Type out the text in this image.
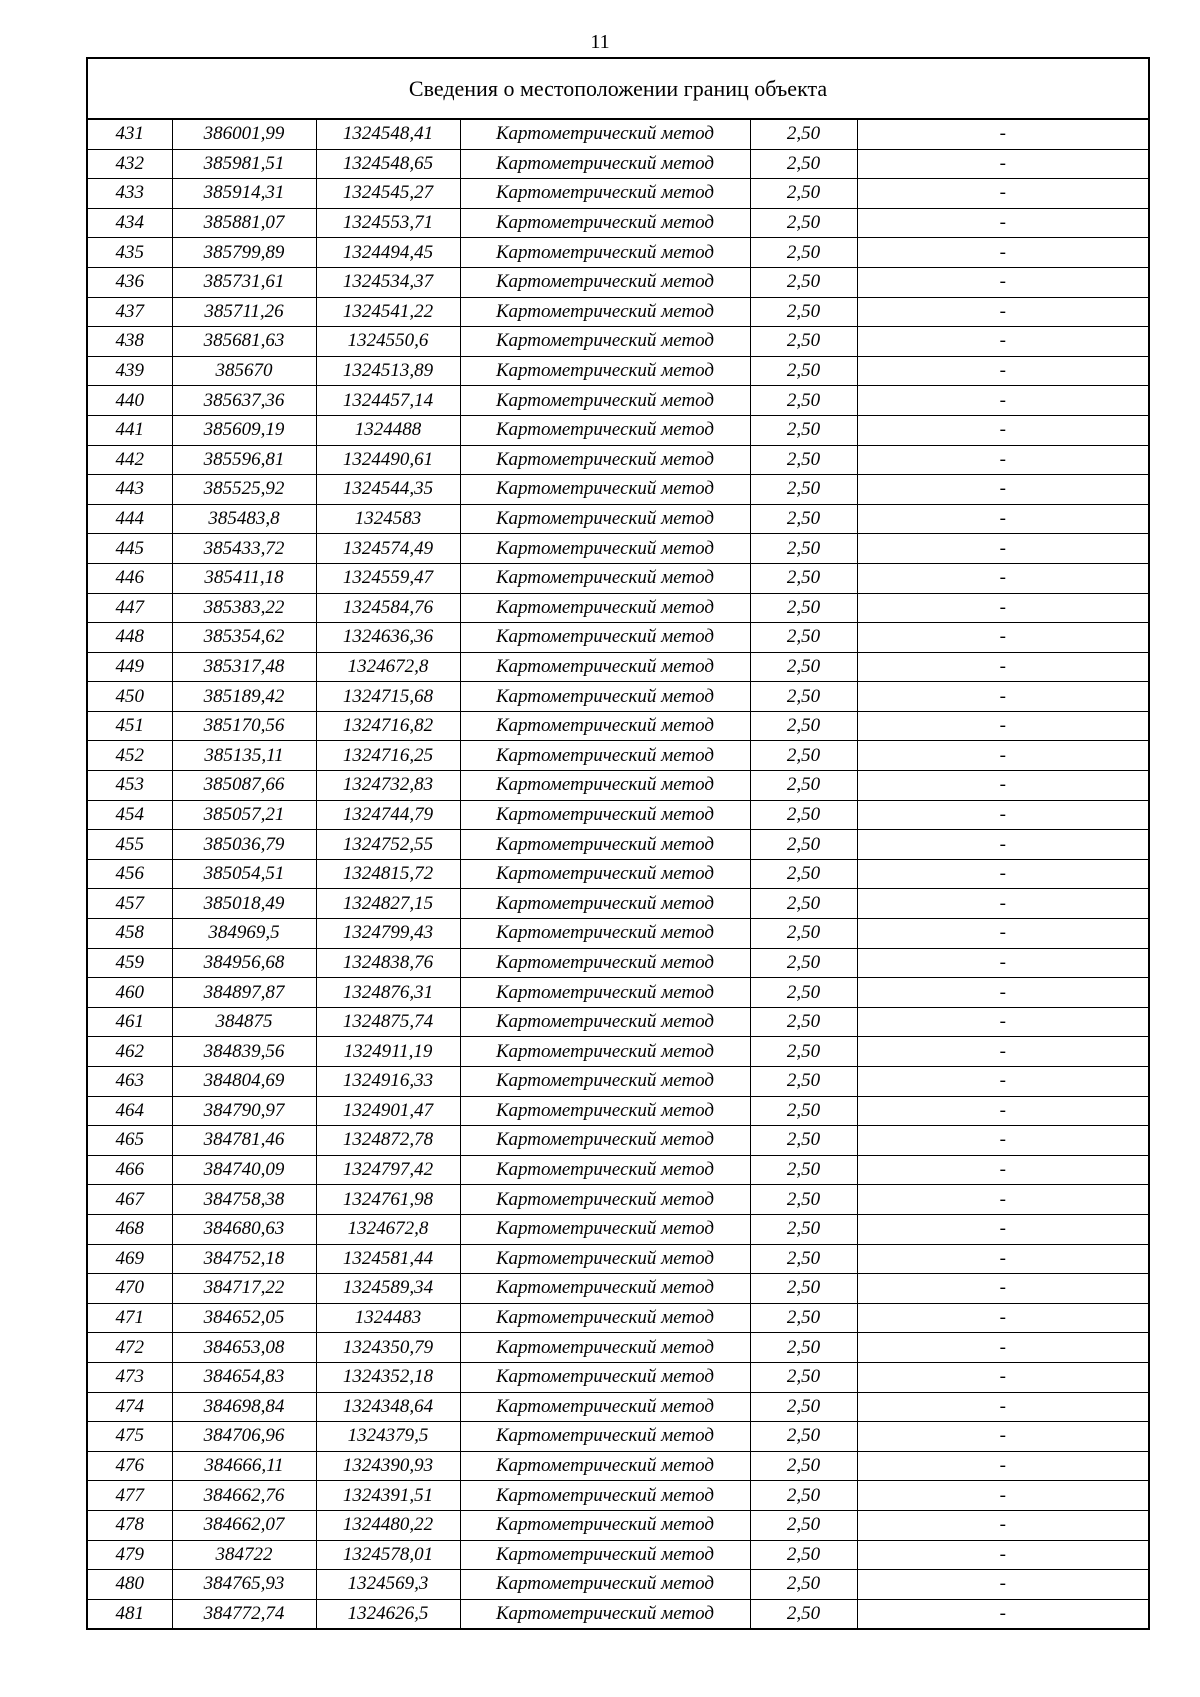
11
Сведения о местоположении границ объекта					
431	386001,99	1324548,41	Картометрический метод	2,50	-
432	385981,51	1324548,65	Картометрический метод	2,50	-
433	385914,31	1324545,27	Картометрический метод	2,50	-
434	385881,07	1324553,71	Картометрический метод	2,50	-
435	385799,89	1324494,45	Картометрический метод	2,50	-
436	385731,61	1324534,37	Картометрический метод	2,50	-
437	385711,26	1324541,22	Картометрический метод	2,50	-
438	385681,63	1324550,6	Картометрический метод	2,50	-
439	385670	1324513,89	Картометрический метод	2,50	-
440	385637,36	1324457,14	Картометрический метод	2,50	-
441	385609,19	1324488	Картометрический метод	2,50	-
442	385596,81	1324490,61	Картометрический метод	2,50	-
443	385525,92	1324544,35	Картометрический метод	2,50	-
444	385483,8	1324583	Картометрический метод	2,50	-
445	385433,72	1324574,49	Картометрический метод	2,50	-
446	385411,18	1324559,47	Картометрический метод	2,50	-
447	385383,22	1324584,76	Картометрический метод	2,50	-
448	385354,62	1324636,36	Картометрический метод	2,50	-
449	385317,48	1324672,8	Картометрический метод	2,50	-
450	385189,42	1324715,68	Картометрический метод	2,50	-
451	385170,56	1324716,82	Картометрический метод	2,50	-
452	385135,11	1324716,25	Картометрический метод	2,50	-
453	385087,66	1324732,83	Картометрический метод	2,50	-
454	385057,21	1324744,79	Картометрический метод	2,50	-
455	385036,79	1324752,55	Картометрический метод	2,50	-
456	385054,51	1324815,72	Картометрический метод	2,50	-
457	385018,49	1324827,15	Картометрический метод	2,50	-
458	384969,5	1324799,43	Картометрический метод	2,50	-
459	384956,68	1324838,76	Картометрический метод	2,50	-
460	384897,87	1324876,31	Картометрический метод	2,50	-
461	384875	1324875,74	Картометрический метод	2,50	-
462	384839,56	1324911,19	Картометрический метод	2,50	-
463	384804,69	1324916,33	Картометрический метод	2,50	-
464	384790,97	1324901,47	Картометрический метод	2,50	-
465	384781,46	1324872,78	Картометрический метод	2,50	-
466	384740,09	1324797,42	Картометрический метод	2,50	-
467	384758,38	1324761,98	Картометрический метод	2,50	-
468	384680,63	1324672,8	Картометрический метод	2,50	-
469	384752,18	1324581,44	Картометрический метод	2,50	-
470	384717,22	1324589,34	Картометрический метод	2,50	-
471	384652,05	1324483	Картометрический метод	2,50	-
472	384653,08	1324350,79	Картометрический метод	2,50	-
473	384654,83	1324352,18	Картометрический метод	2,50	-
474	384698,84	1324348,64	Картометрический метод	2,50	-
475	384706,96	1324379,5	Картометрический метод	2,50	-
476	384666,11	1324390,93	Картометрический метод	2,50	-
477	384662,76	1324391,51	Картометрический метод	2,50	-
478	384662,07	1324480,22	Картометрический метод	2,50	-
479	384722	1324578,01	Картометрический метод	2,50	-
480	384765,93	1324569,3	Картометрический метод	2,50	-
481	384772,74	1324626,5	Картометрический метод	2,50	-
